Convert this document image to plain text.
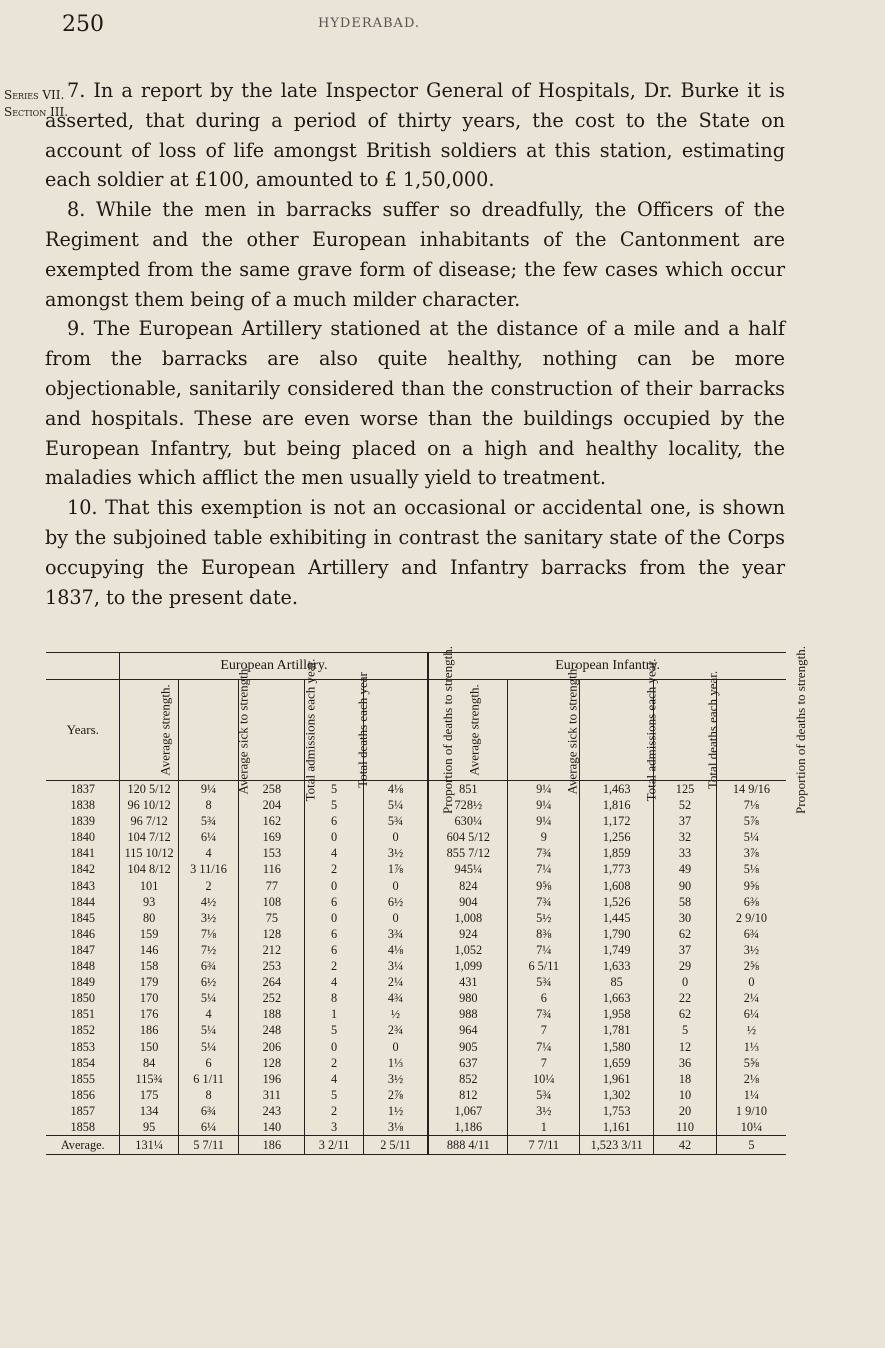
250	HYDERABAD.
Series VII.
Section III.

7. In a report by the late Inspector General of Hospitals, Dr. Burke it is asserted, that during a period of thirty years, the cost to the State on account of loss of life amongst British soldiers at this station, estimating each soldier at £100, amounted to £ 1,50,000.

8. While the men in barracks suffer so dreadfully, the Officers of the Regiment and the other European inhabitants of the Cantonment are exempted from the same grave form of disease; the few cases which occur amongst them being of a much milder character.

9. The European Artillery stationed at the distance of a mile and a half from the barracks are also quite healthy, nothing can be more objectionable, sanitarily considered than the construction of their barracks and hospitals. These are even worse than the buildings occupied by the European Infantry, but being placed on a high and healthy locality, the maladies which afflict the men usually yield to treatment.

10. That this exemption is not an occasional or accidental one, is shown by the subjoined table exhibiting in contrast the sanitary state of the Corps occupying the European Artillery and Infantry barracks from the year 1837, to the present date.

	European Artillery.					European Infantry.				
Years.	Average strength.	Average sick to strength.	Total admissions each year.	Total deaths each year	Proportion of deaths to strength.	Average strength.	Average sick to strength.	Total admissions each year.	Total deaths each year.	Proportion of deaths to strength.
1837	120 5/12	9¼	258	5	4⅛	851	9¼	1,463	125	14 9/16
1838	96 10/12	8	204	5	5¼	728½	9¼	1,816	52	7⅛
1839	96 7/12	5¾	162	6	5¾	630¼	9¼	1,172	37	5⅞
1840	104 7/12	6¼	169	0	0	604 5/12	9	1,256	32	5¼
1841	115 10/12	4	153	4	3½	855 7/12	7¾	1,859	33	3⅞
1842	104 8/12	3 11/16	116	2	1⅞	945¼	7¼	1,773	49	5⅛
1843	101	2	77	0	0	824	9⅝	1,608	90	9⅝
1844	93	4½	108	6	6½	904	7¾	1,526	58	6⅜
1845	80	3½	75	0	0	1,008	5½	1,445	30	2 9/10
1846	159	7⅛	128	6	3¾	924	8⅜	1,790	62	6¾
1847	146	7½	212	6	4⅛	1,052	7¼	1,749	37	3½
1848	158	6¾	253	2	3¼	1,099	6 5/11	1,633	29	2⅝
1849	179	6½	264	4	2¼	431	5¾	85	0	0
1850	170	5¼	252	8	4¾	980	6	1,663	22	2¼
1851	176	4	188	1	½	988	7¾	1,958	62	6¼
1852	186	5¼	248	5	2¾	964	7	1,781	5	½
1853	150	5¼	206	0	0	905	7¼	1,580	12	1⅓
1854	84	6	128	2	1⅓	637	7	1,659	36	5⅝
1855	115¾	6 1/11	196	4	3½	852	10¼	1,961	18	2⅛
1856	175	8	311	5	2⅞	812	5¾	1,302	10	1¼
1857	134	6¾	243	2	1½	1,067	3½	1,753	20	1 9/10
1858	95	6¼	140	3	3⅛	1,186	1	1,161	110	10¼
Average.	131¼	5 7/11	186	3 2/11	2 5/11	888 4/11	7 7/11	1,523 3/11	42	5
